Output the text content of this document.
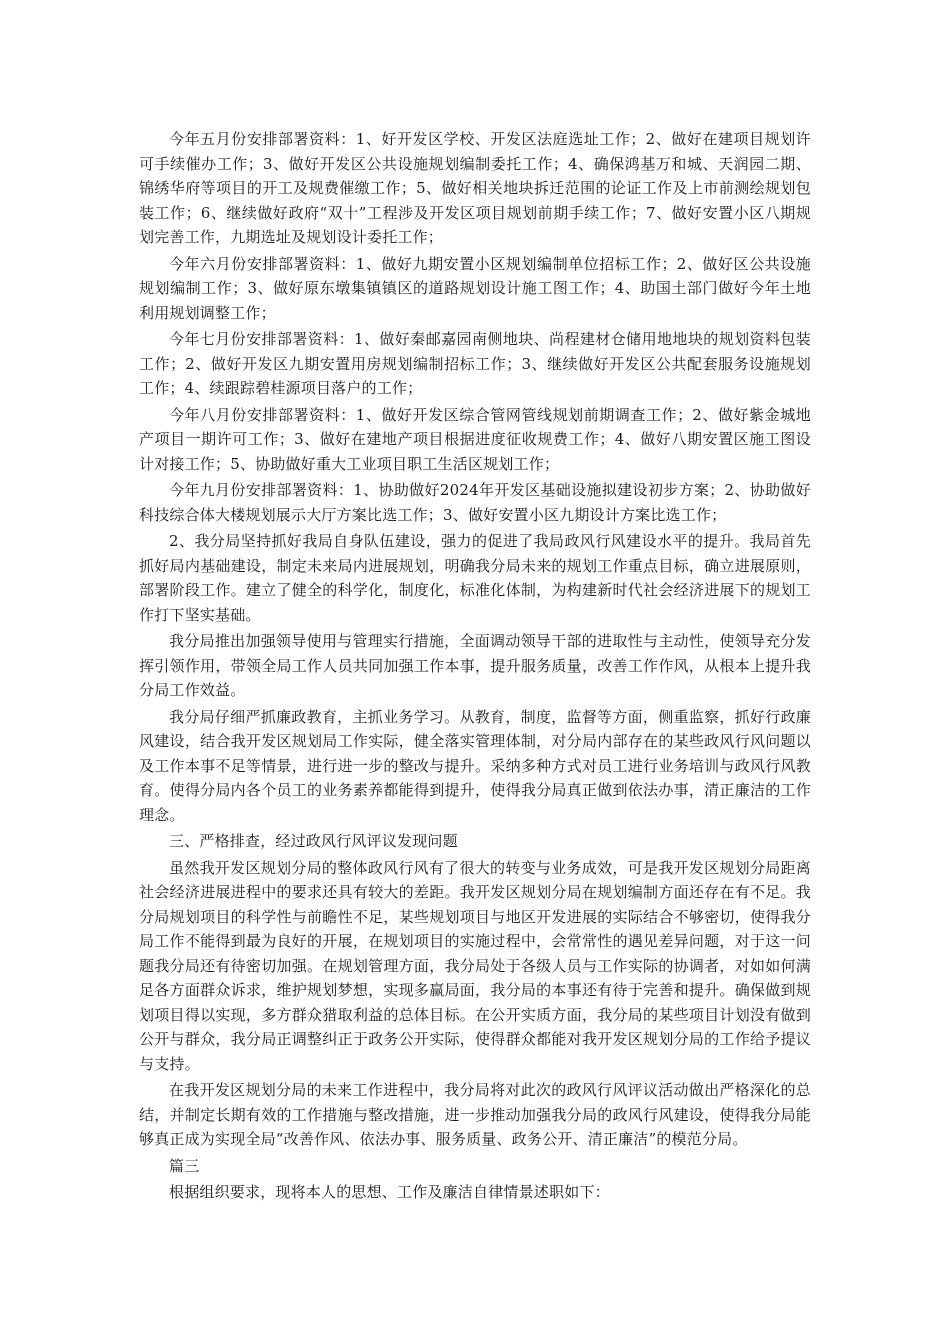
今年五月份安排部署资料：1、好开发区学校、开发区法庭选址工作；2、做好在建项目规划许可手续催办工作；3、做好开发区公共设施规划编制委托工作；4、确保鸿基万和城、天润园二期、锦绣华府等项目的开工及规费催缴工作；5、做好相关地块拆迁范围的论证工作及上市前测绘规划包装工作；6、继续做好政府“双十”工程涉及开发区项目规划前期手续工作；7、做好安置小区八期规划完善工作，九期选址及规划设计委托工作；

今年六月份安排部署资料：1、做好九期安置小区规划编制单位招标工作；2、做好区公共设施规划编制工作；3、做好原东墩集镇镇区的道路规划设计施工图工作；4、助国土部门做好今年土地利用规划调整工作；

今年七月份安排部署资料：1、做好秦邮嘉园南侧地块、尚程建材仓储用地地块的规划资料包装工作；2、做好开发区九期安置用房规划编制招标工作；3、继续做好开发区公共配套服务设施规划工作；4、续跟踪碧桂源项目落户的工作；

今年八月份安排部署资料：1、做好开发区综合管网管线规划前期调查工作；2、做好紫金城地产项目一期许可工作；3、做好在建地产项目根据进度征收规费工作；4、做好八期安置区施工图设计对接工作；5、协助做好重大工业项目职工生活区规划工作；

今年九月份安排部署资料：1、协助做好2024年开发区基础设施拟建设初步方案；2、协助做好科技综合体大楼规划展示大厅方案比选工作；3、做好安置小区九期设计方案比选工作；

2、我分局坚持抓好我局自身队伍建设，强力的促进了我局政风行风建设水平的提升。我局首先抓好局内基础建设，制定未来局内进展规划，明确我分局未来的规划工作重点目标，确立进展原则，部署阶段工作。建立了健全的科学化，制度化，标准化体制，为构建新时代社会经济进展下的规划工作打下坚实基础。

我分局推出加强领导使用与管理实行措施，全面调动领导干部的进取性与主动性，使领导充分发挥引领作用，带领全局工作人员共同加强工作本事，提升服务质量，改善工作作风，从根本上提升我分局工作效益。

我分局仔细严抓廉政教育，主抓业务学习。从教育，制度，监督等方面，侧重监察，抓好行政廉风建设，结合我开发区规划局工作实际，健全落实管理体制，对分局内部存在的某些政风行风问题以及工作本事不足等情景，进行进一步的整改与提升。采纳多种方式对员工进行业务培训与政风行风教育。使得分局内各个员工的业务素养都能得到提升，使得我分局真正做到依法办事，清正廉洁的工作理念。

三、严格排查，经过政风行风评议发现问题

虽然我开发区规划分局的整体政风行风有了很大的转变与业务成效，可是我开发区规划分局距离社会经济进展进程中的要求还具有较大的差距。我开发区规划分局在规划编制方面还存在有不足。我分局规划项目的科学性与前瞻性不足，某些规划项目与地区开发进展的实际结合不够密切，使得我分局工作不能得到最为良好的开展，在规划项目的实施过程中，会常常性的遇见差异问题，对于这一问题我分局还有待密切加强。在规划管理方面，我分局处于各级人员与工作实际的协调者，对如如何满足各方面群众诉求，维护规划梦想，实现多赢局面，我分局的本事还有待于完善和提升。确保做到规划项目得以实现，多方群众猎取利益的总体目标。在公开实质方面，我分局的某些项目计划没有做到公开与群众，我分局正调整纠正于政务公开实际，使得群众都能对我开发区规划分局的工作给予提议与支持。

在我开发区规划分局的未来工作进程中，我分局将对此次的政风行风评议活动做出严格深化的总结，并制定长期有效的工作措施与整改措施，进一步推动加强我分局的政风行风建设，使得我分局能够真正成为实现全局“改善作风、依法办事、服务质量、政务公开、清正廉洁”的模范分局。

篇三

根据组织要求，现将本人的思想、工作及廉洁自律情景述职如下：
